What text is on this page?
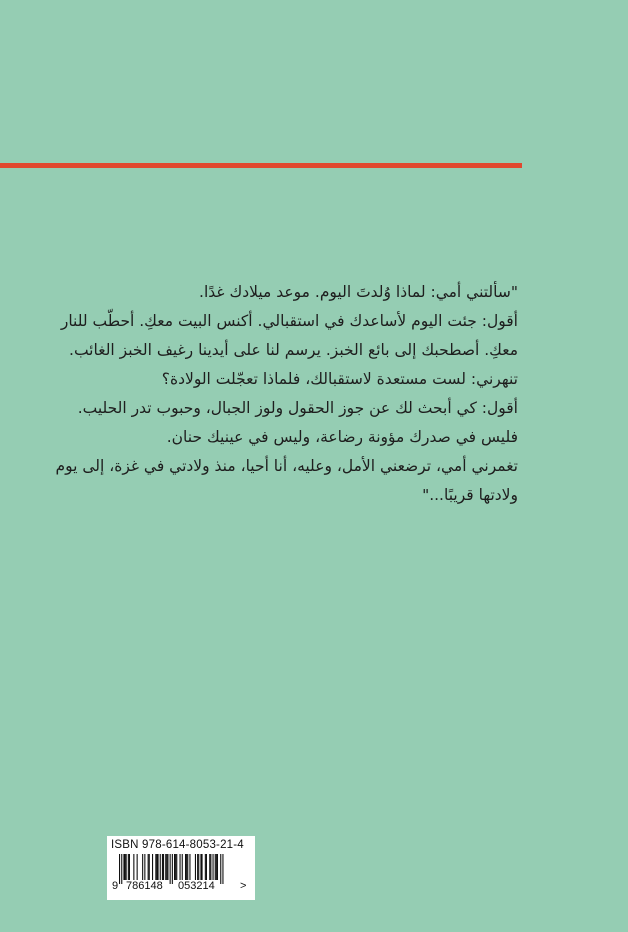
"سألتني أمي: لماذا وُلدتَ اليوم. موعد ميلادك غدًا.
أقول: جئت اليوم لأساعدك في استقبالي. أكنس البيت معكِ. أحطّب للنار
معكِ. أصطحبك إلى بائع الخبز. يرسم لنا على أيدينا رغيف الخبز الغائب.
تنهرني: لست مستعدة لاستقبالك، فلماذا تعجّلت الولادة؟
أقول: كي أبحث لك عن جوز الحقول ولوز الجبال، وحبوب تدر الحليب.
فليس في صدرك مؤونة رضاعة، وليس في عينيك حنان.
تغمرني أمي، ترضعني الأمل، وعليه، أنا أحيا، منذ ولادتي في غزة، إلى يوم
ولادتها قريبًا..."
ISBN 978-614-8053-21-4
9 786148 053214 >
